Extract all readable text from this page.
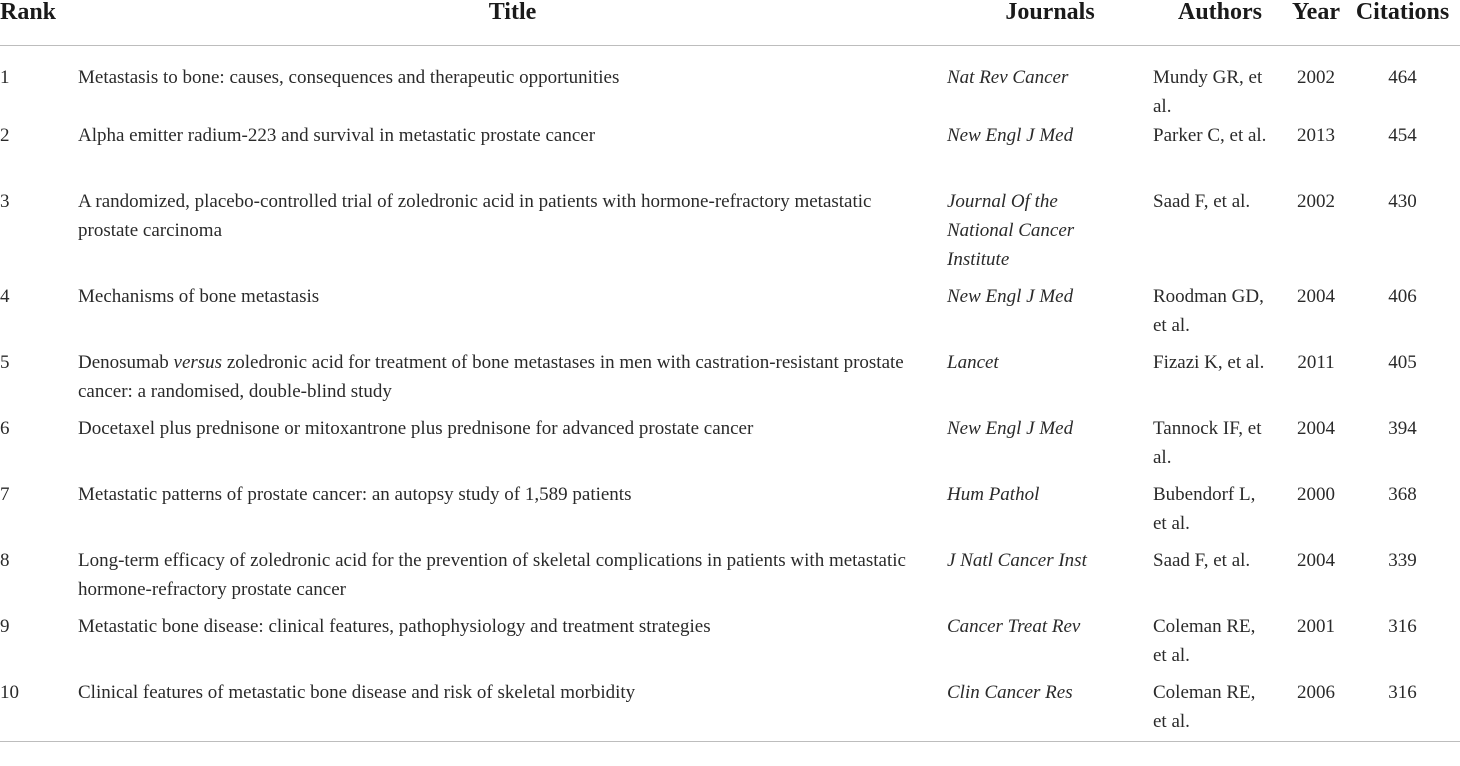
Rank	Title	Journals	Authors	Year	Citations
1	Metastasis to bone: causes, consequences and therapeutic opportunities	Nat Rev Cancer	Mundy GR, et al.	2002	464
2	Alpha emitter radium-223 and survival in metastatic prostate cancer	New Engl J Med	Parker C, et al.	2013	454
3	A randomized, placebo-controlled trial of zoledronic acid in patients with hormone-refractory metastatic prostate carcinoma	Journal Of the National Cancer Institute	Saad F, et al.	2002	430
4	Mechanisms of bone metastasis	New Engl J Med	Roodman GD, et al.	2004	406
5	Denosumab versus zoledronic acid for treatment of bone metastases in men with castration-resistant prostate cancer: a randomised, double-blind study	Lancet	Fizazi K, et al.	2011	405
6	Docetaxel plus prednisone or mitoxantrone plus prednisone for advanced prostate cancer	New Engl J Med	Tannock IF, et al.	2004	394
7	Metastatic patterns of prostate cancer: an autopsy study of 1,589 patients	Hum Pathol	Bubendorf L, et al.	2000	368
8	Long-term efficacy of zoledronic acid for the prevention of skeletal complications in patients with metastatic hormone-refractory prostate cancer	J Natl Cancer Inst	Saad F, et al.	2004	339
9	Metastatic bone disease: clinical features, pathophysiology and treatment strategies	Cancer Treat Rev	Coleman RE, et al.	2001	316
10	Clinical features of metastatic bone disease and risk of skeletal morbidity	Clin Cancer Res	Coleman RE, et al.	2006	316
